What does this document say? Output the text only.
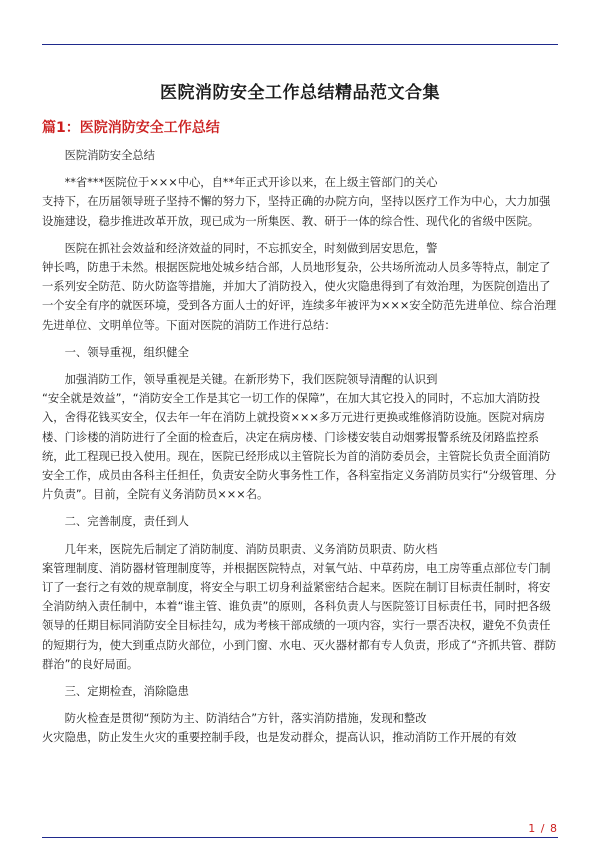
医院消防安全工作总结精品范文合集
篇1：医院消防安全工作总结

　　医院消防安全总结

　　**省***医院位于×××中心，自**年正式开诊以来，在上级主管部门的关心
支持下，在历届领导班子坚持不懈的努力下，坚持正确的办院方向，坚持以医疗工作为中心，大力加强设施建设，稳步推进改革开放，现已成为一所集医、教、研于一体的综合性、现代化的省级中医院。

　　医院在抓社会效益和经济效益的同时，不忘抓安全，时刻做到居安思危，警
钟长鸣，防患于未然。根据医院地处城乡结合部，人员地形复杂，公共场所流动人员多等特点，制定了一系列安全防范、防火防盗等措施，并加大了消防投入，使火灾隐患得到了有效治理，为医院创造出了一个安全有序的就医环境，受到各方面人士的好评，连续多年被评为×××安全防范先进单位、综合治理先进单位、文明单位等。下面对医院的消防工作进行总结：

　　一、领导重视，组织健全

　　加强消防工作，领导重视是关键。在新形势下，我们医院领导清醒的认识到
“安全就是效益”，“消防安全工作是其它一切工作的保障”，在加大其它投入的同时，不忘加大消防投入，舍得花钱买安全，仅去年一年在消防上就投资×××多万元进行更换或维修消防设施。医院对病房楼、门诊楼的消防进行了全面的检查后，决定在病房楼、门诊楼安装自动烟雾报警系统及闭路监控系统，此工程现已投入使用。现在，医院已经形成以主管院长为首的消防委员会，主管院长负责全面消防安全工作，成员由各科主任担任，负责安全防火事务性工作，各科室指定义务消防员实行“分级管理、分片负责”。目前，全院有义务消防员×××名。

　　二、完善制度，责任到人

　　几年来，医院先后制定了消防制度、消防员职责、义务消防员职责、防火档
案管理制度、消防器材管理制度等，并根据医院特点，对氧气站、中草药房，电工房等重点部位专门制订了一套行之有效的规章制度，将安全与职工切身利益紧密结合起来。医院在制订目标责任制时，将安全消防纳入责任制中，本着“谁主管、谁负责”的原则，各科负责人与医院签订目标责任书，同时把各级领导的任期目标同消防安全目标挂勾，成为考核干部成绩的一项内容，实行一票否决权，避免不负责任的短期行为，使大到重点防火部位，小到门窗、水电、灭火器材都有专人负责，形成了“齐抓共管、群防群治”的良好局面。

　　三、定期检查，消除隐患

　　防火检查是贯彻“预防为主、防消结合”方针，落实消防措施，发现和整改
火灾隐患，防止发生火灾的重要控制手段，也是发动群众，提高认识，推动消防工作开展的有效

1 / 8
